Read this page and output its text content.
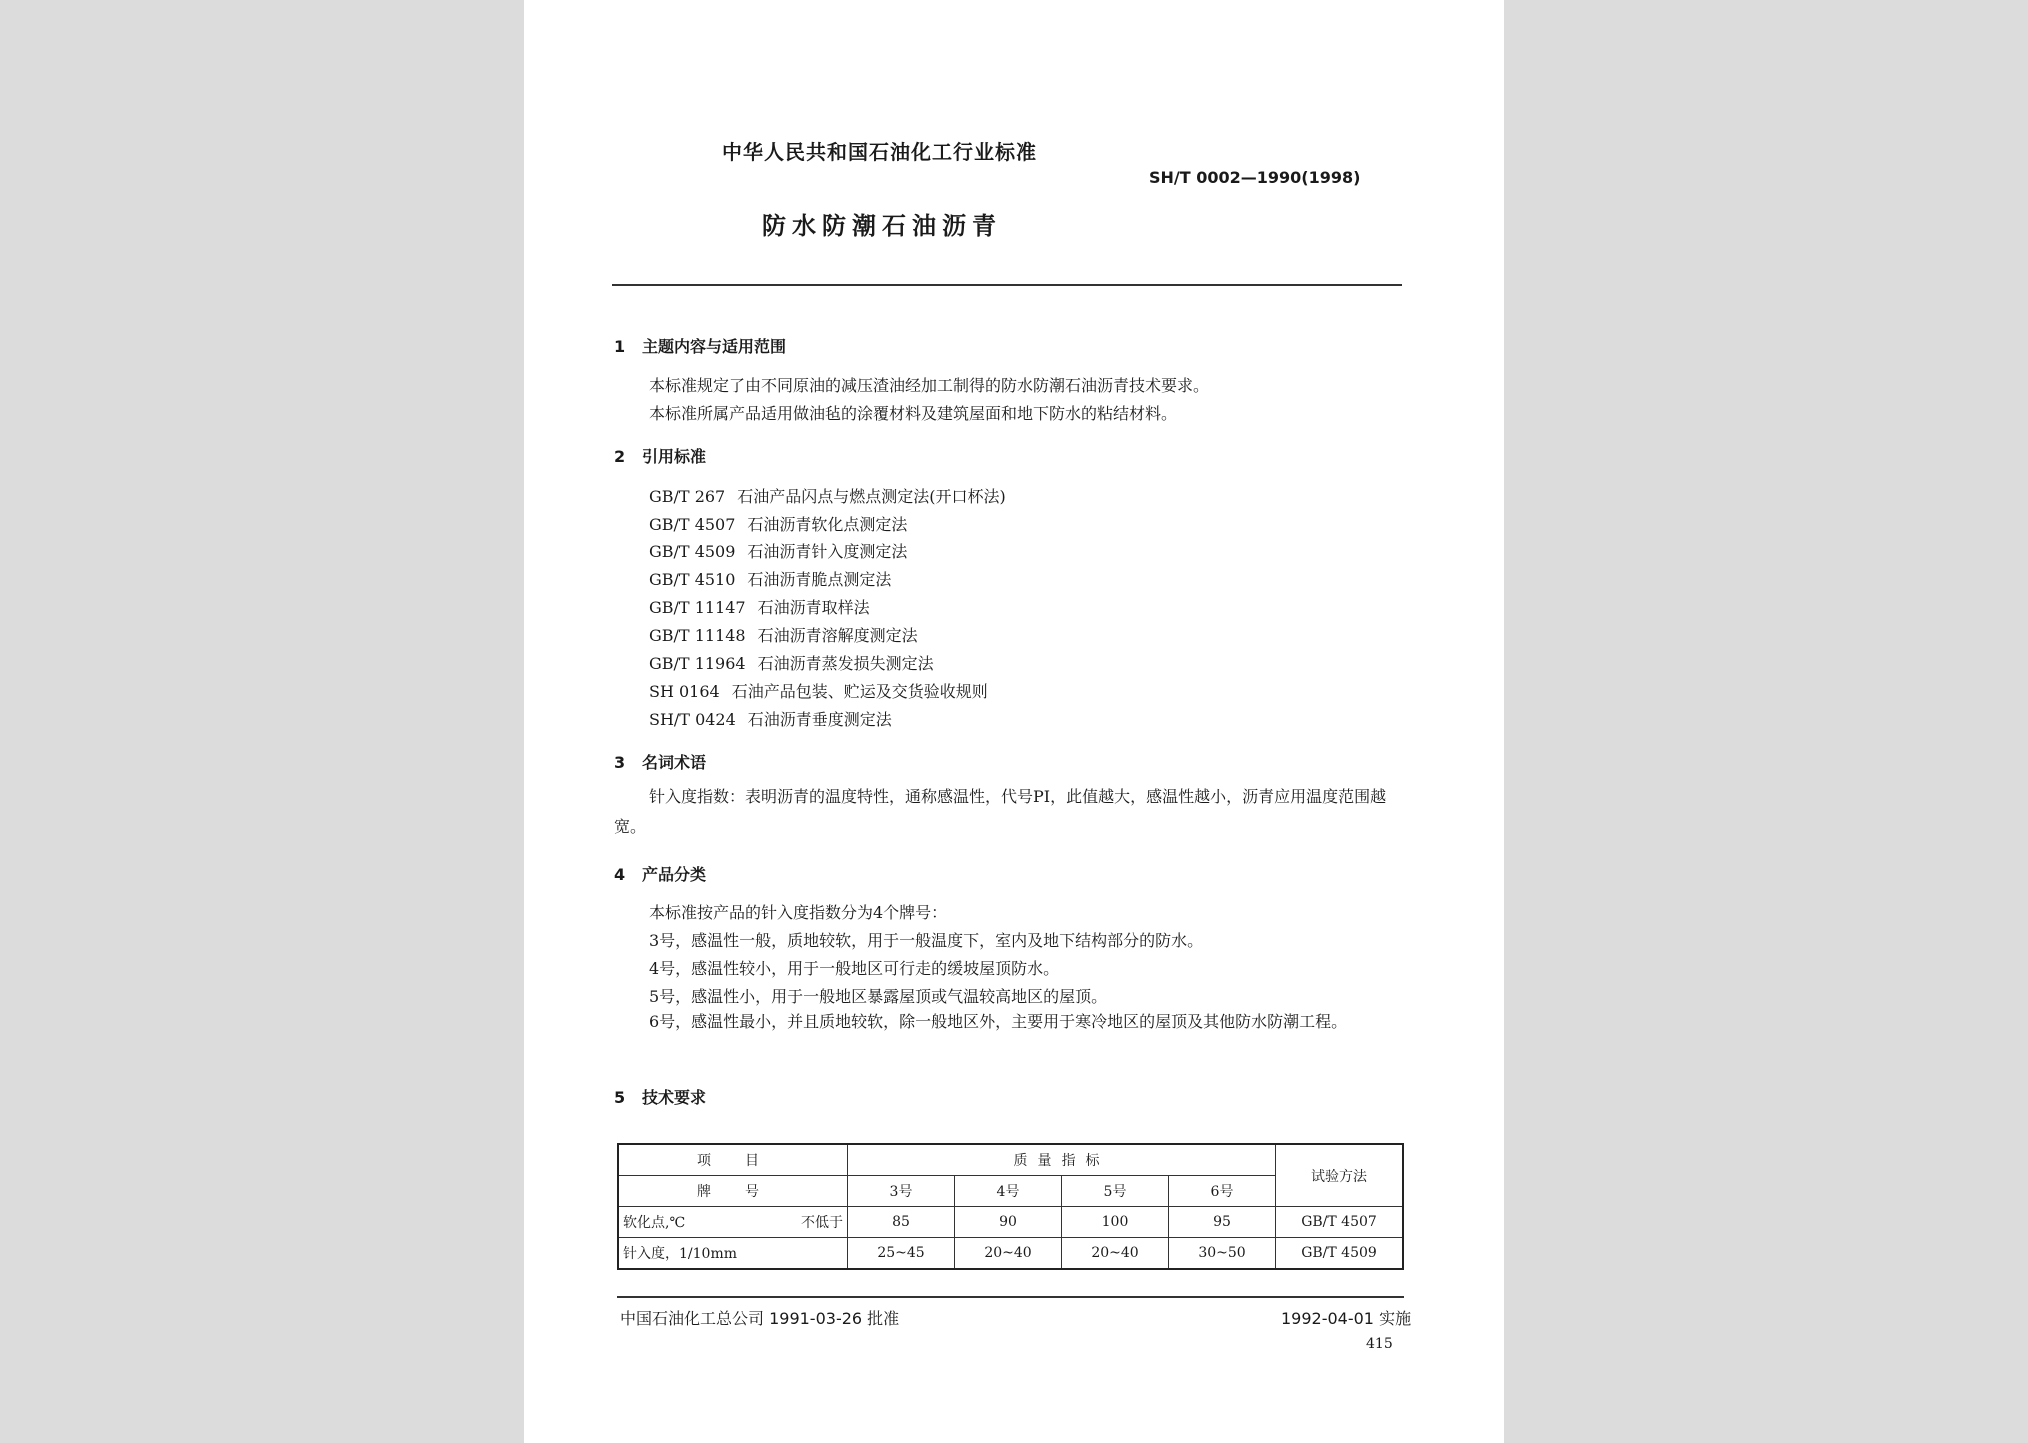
中华人民共和国石油化工行业标准
SH/T 0002—1990(1998)
防水防潮石油沥青
1 主题内容与适用范围
本标准规定了由不同原油的减压渣油经加工制得的防水防潮石油沥青技术要求。
本标准所属产品适用做油毡的涂覆材料及建筑屋面和地下防水的粘结材料。
2 引用标准
GB/T 267 石油产品闪点与燃点测定法(开口杯法)
GB/T 4507 石油沥青软化点测定法
GB/T 4509 石油沥青针入度测定法
GB/T 4510 石油沥青脆点测定法
GB/T 11147 石油沥青取样法
GB/T 11148 石油沥青溶解度测定法
GB/T 11964 石油沥青蒸发损失测定法
SH 0164 石油产品包装、贮运及交货验收规则
SH/T 0424 石油沥青垂度测定法
3 名词术语
针入度指数：表明沥青的温度特性，通称感温性，代号PI，此值越大，感温性越小，沥青应用温度范围越宽。
4 产品分类
本标准按产品的针入度指数分为4个牌号：
3号，感温性一般，质地较软，用于一般温度下，室内及地下结构部分的防水。
4号，感温性较小，用于一般地区可行走的缓坡屋顶防水。
5号，感温性小，用于一般地区暴露屋顶或气温较高地区的屋顶。
6号，感温性最小，并且质地较软，除一般地区外，主要用于寒冷地区的屋顶及其他防水防潮工程。
5 技术要求
项　目	质量指标				试验方法
牌　号	3号	4号	5号	6号	
软化点,℃ 不低于	85	90	100	95	GB/T 4507
针入度，1/10mm	25~45	20~40	20~40	30~50	GB/T 4509
中国石油化工总公司 1991-03-26 批准	1992-04-01 实施
415
